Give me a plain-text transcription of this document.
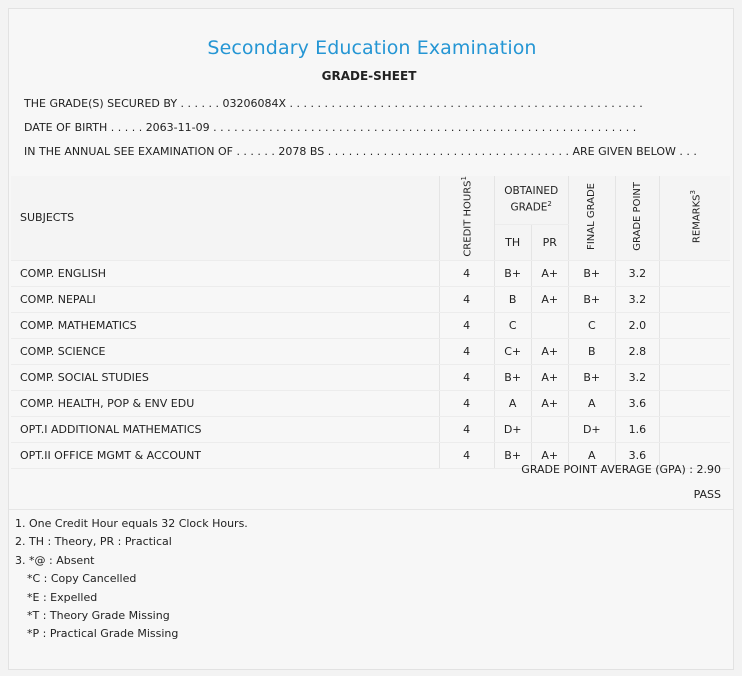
Secondary Education Examination
GRADE-SHEET
THE GRADE(S) SECURED BY . . . . . . 03206084X . . . . . . . . . . . . . . . . . . . . . . . . . . . . . . . . . . . . . . . . . . . . . . . . . . .
DATE OF BIRTH . . . . . 2063-11-09 . . . . . . . . . . . . . . . . . . . . . . . . . . . . . . . . . . . . . . . . . . . . . . . . . . . . . . . . . . . . .
IN THE ANNUAL SEE EXAMINATION OF . . . . . . 2078 BS . . . . . . . . . . . . . . . . . . . . . . . . . . . . . . . . . . . ARE GIVEN BELOW . . .
SUBJECTS	CREDIT HOURS$^1$	OBTAINED GRADE$^2$		FINAL GRADE	GRADE POINT	REMARKS$^3$
		TH	PR			
COMP. ENGLISH	4	B+	A+	B+	3.2	
COMP. NEPALI	4	B	A+	B+	3.2	
COMP. MATHEMATICS	4	C		C	2.0	
COMP. SCIENCE	4	C+	A+	B	2.8	
COMP. SOCIAL STUDIES	4	B+	A+	B+	3.2	
COMP. HEALTH, POP & ENV EDU	4	A	A+	A	3.6	
OPT.I ADDITIONAL MATHEMATICS	4	D+		D+	1.6	
OPT.II OFFICE MGMT & ACCOUNT	4	B+	A+	A	3.6	
GRADE POINT AVERAGE (GPA) : 2.90
PASS
1. One Credit Hour equals 32 Clock Hours.
2. TH : Theory, PR : Practical
3. *@ : Absent
*C : Copy Cancelled
*E : Expelled
*T : Theory Grade Missing
*P : Practical Grade Missing
